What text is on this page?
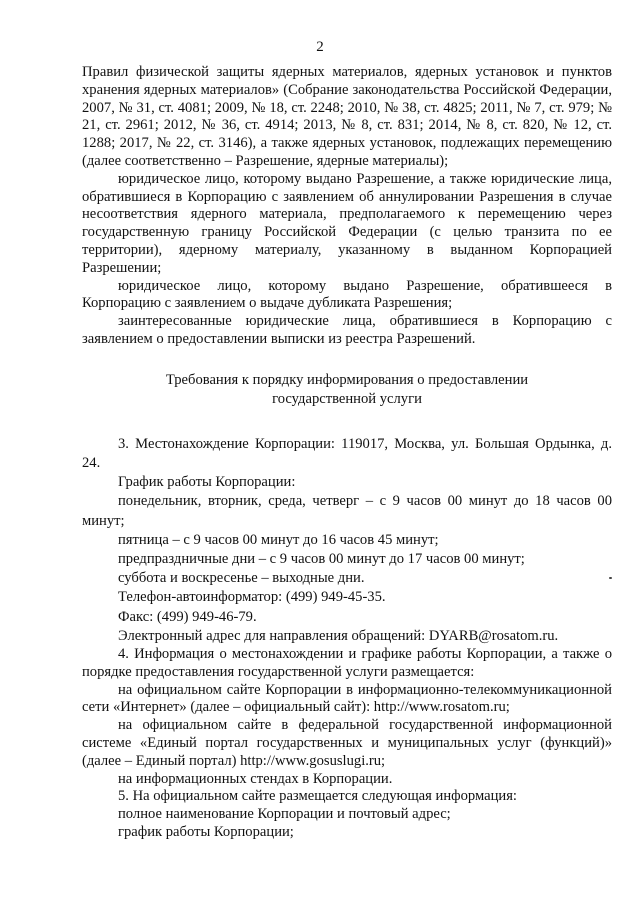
2

Правил физической защиты ядерных материалов, ядерных установок и пунктов хранения ядерных материалов» (Собрание законодательства Российской Федерации, 2007, № 31, ст. 4081; 2009, № 18, ст. 2248; 2010, № 38, ст. 4825; 2011, № 7, ст. 979; № 21, ст. 2961; 2012, № 36, ст. 4914; 2013, № 8, ст. 831; 2014, № 8, ст. 820, № 12, ст. 1288; 2017, № 22, ст. 3146), а также ядерных установок, подлежащих перемещению (далее соответственно – Разрешение, ядерные материалы);

юридическое лицо, которому выдано Разрешение, а также юридические лица, обратившиеся в Корпорацию с заявлением об аннулировании Разрешения в случае несоответствия ядерного материала, предполагаемого к перемещению через государственную границу Российской Федерации (с целью транзита по ее территории), ядерному материалу, указанному в выданном Корпорацией Разрешении;

юридическое лицо, которому выдано Разрешение, обратившееся в Корпорацию с заявлением о выдаче дубликата Разрешения;

заинтересованные юридические лица, обратившиеся в Корпорацию с заявлением о предоставлении выписки из реестра Разрешений.

Требования к порядку информирования о предоставлении
государственной услуги

3. Местонахождение Корпорации: 119017, Москва, ул. Большая Ордынка, д. 24.

График работы Корпорации:

понедельник, вторник, среда, четверг – с 9 часов 00 минут до 18 часов 00 минут;

пятница – с 9 часов 00 минут до 16 часов 45 минут;

предпраздничные дни – с 9 часов 00 минут до 17 часов 00 минут;

суббота и воскресенье – выходные дни.

Телефон-автоинформатор: (499) 949-45-35.

Факс: (499) 949-46-79.

Электронный адрес для направления обращений: DYARB@rosatom.ru.

4. Информация о местонахождении и графике работы Корпорации, а также о порядке предоставления государственной услуги размещается:

на официальном сайте Корпорации в информационно-телекоммуникационной сети «Интернет» (далее – официальный сайт): http://www.rosatom.ru;

на официальном сайте в федеральной государственной информационной системе «Единый портал государственных и муниципальных услуг (функций)» (далее – Единый портал) http://www.gosuslugi.ru;

на информационных стендах в Корпорации.

5. На официальном сайте размещается следующая информация:

полное наименование Корпорации и почтовый адрес;

график работы Корпорации;
